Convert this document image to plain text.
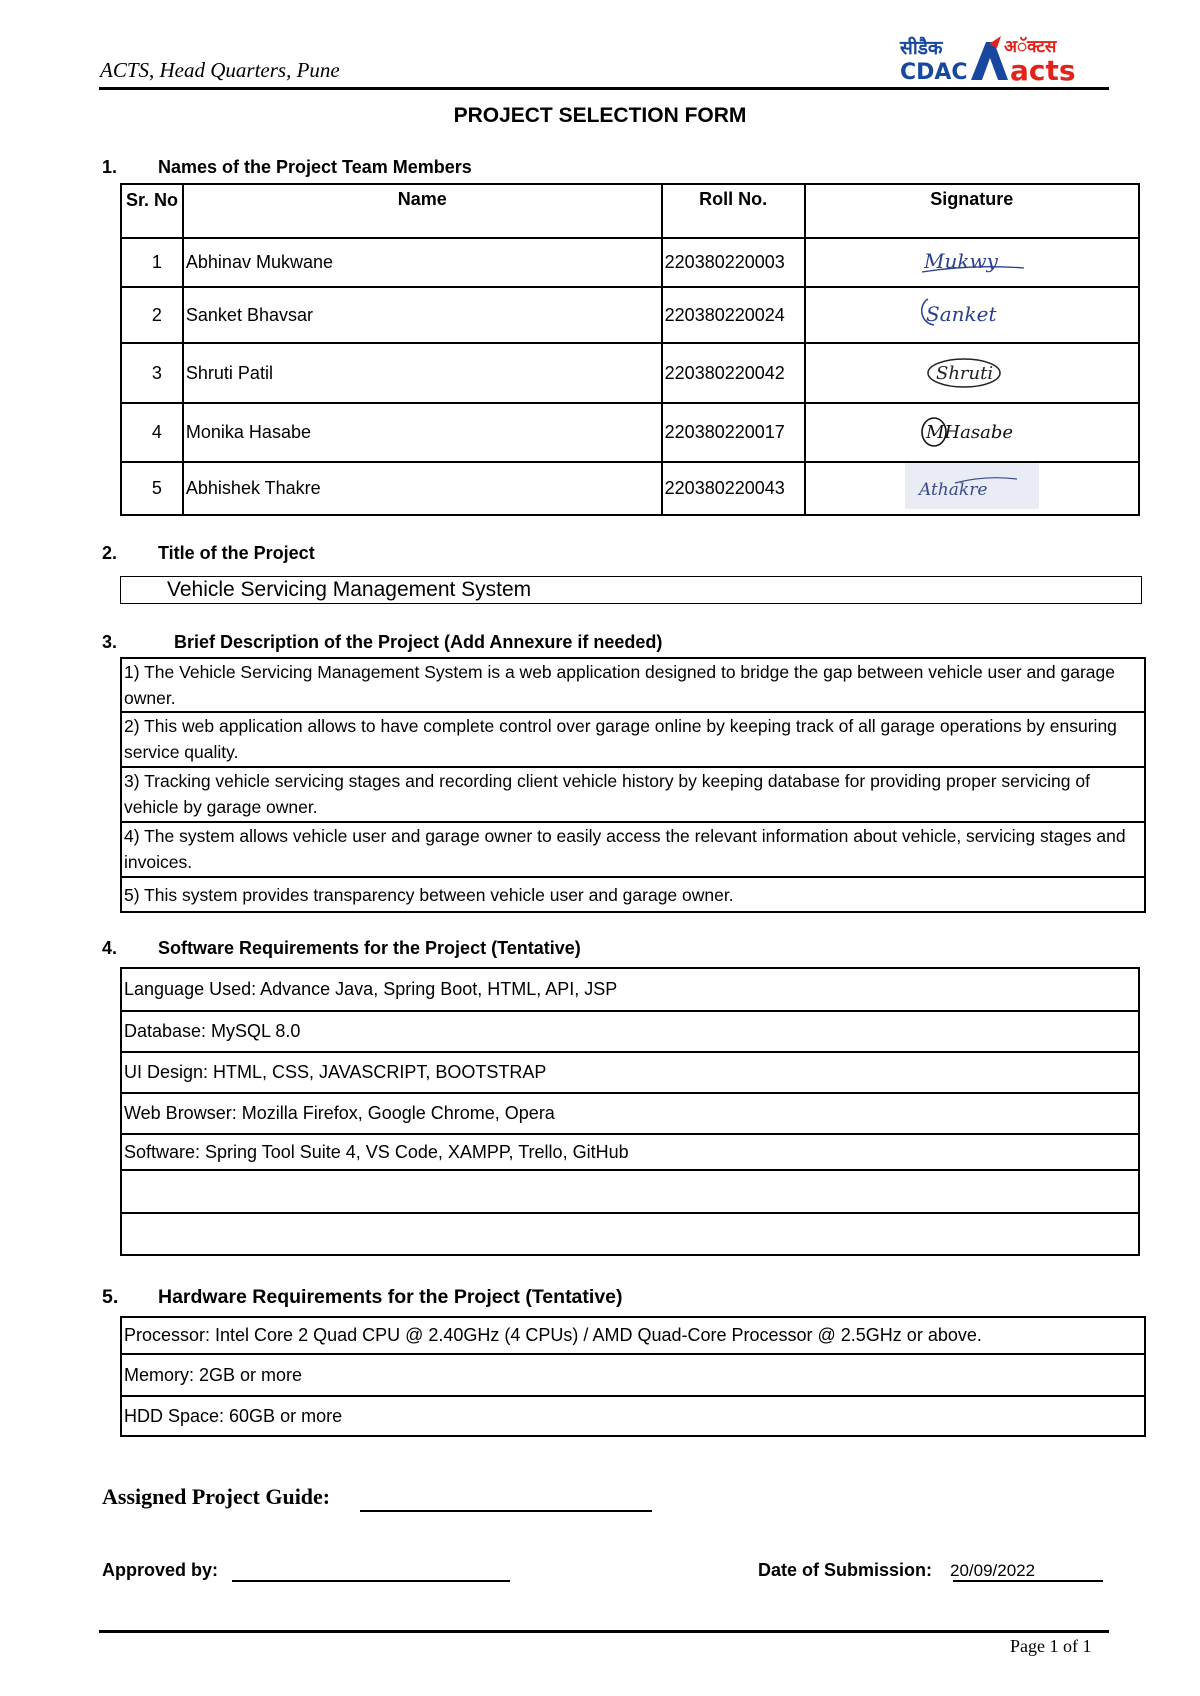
ACTS, Head Quarters, Pune
सीडैक
CDAC
अॅक्टस
acts
PROJECT SELECTION FORM
1. Names of the Project Team Members
Sr. No	Name	Roll No.	Signature
1	Abhinav Mukwane	220380220003	Mukwy

2	Sanket Bhavsar	220380220024	Sanket

3	Shruti Patil	220380220042	Shruti

4	Monika Hasabe	220380220017	MHasabe

5	Abhishek Thakre	220380220043	Athakre
2. Title of the Project
Vehicle Servicing Management System
3.	Brief Description of the Project (Add Annexure if needed)
1) The Vehicle Servicing Management System is a web application designed to bridge the gap between vehicle user and garage owner.
2) This web application allows to have complete control over garage online by keeping track of all garage operations by ensuring service quality.
3) Tracking vehicle servicing stages and recording client vehicle history by keeping database for providing proper servicing of vehicle by garage owner.
4) The system allows vehicle user and garage owner to easily access the relevant information about vehicle, servicing stages and invoices.
5) This system provides transparency between vehicle user and garage owner.
4. Software Requirements for the Project (Tentative)
Language Used: Advance Java, Spring Boot, HTML, API, JSP
Database: MySQL 8.0
UI Design: HTML, CSS, JAVASCRIPT, BOOTSTRAP
Web Browser: Mozilla Firefox, Google Chrome, Opera
Software: Spring Tool Suite 4, VS Code, XAMPP, Trello, GitHub

5. Hardware Requirements for the Project (Tentative)
Processor: Intel Core 2 Quad CPU @ 2.40GHz (4 CPUs) / AMD Quad-Core Processor @ 2.5GHz or above.
Memory: 2GB or more
HDD Space: 60GB or more
Assigned Project Guide:
Approved by:	Date of Submission: 20/09/2022
Page 1 of 1
